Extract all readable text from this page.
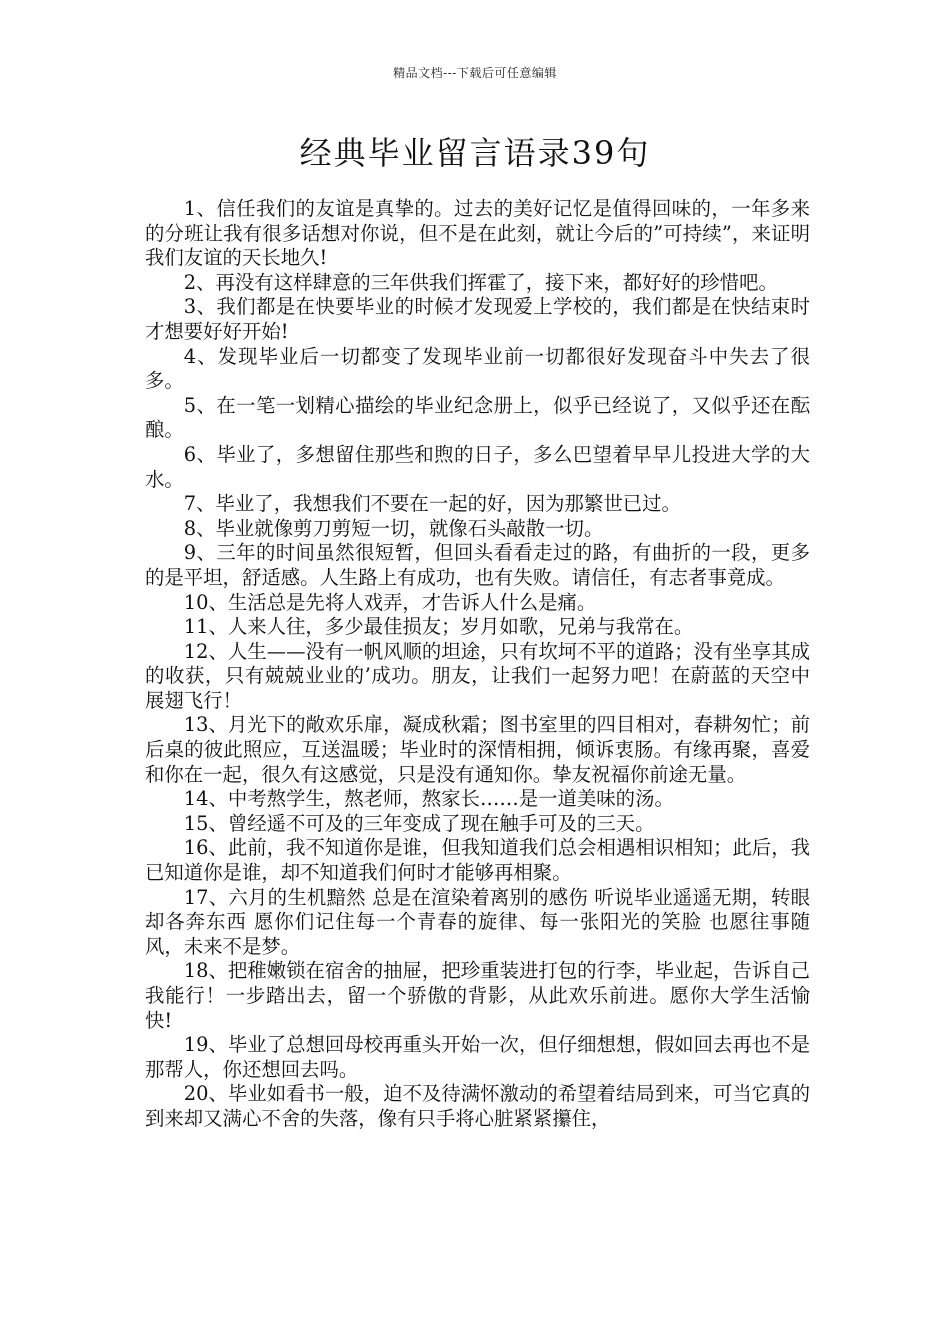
精品文档---下载后可任意编辑
经典毕业留言语录39句

1、信任我们的友谊是真挚的。过去的美好记忆是值得回味的，一年多来的分班让我有很多话想对你说，但不是在此刻，就让今后的”可持续”，来证明我们友谊的天长地久!

2、再没有这样肆意的三年供我们挥霍了，接下来，都好好的珍惜吧。

3、我们都是在快要毕业的时候才发现爱上学校的，我们都是在快结束时才想要好好开始!

4、发现毕业后一切都变了发现毕业前一切都很好发现奋斗中失去了很多。

5、在一笔一划精心描绘的毕业纪念册上，似乎已经说了，又似乎还在酝酿。

6、毕业了，多想留住那些和煦的日子，多么巴望着早早儿投进大学的大水。

7、毕业了，我想我们不要在一起的好，因为那繁世已过。

8、毕业就像剪刀剪短一切，就像石头敲散一切。

9、三年的时间虽然很短暂，但回头看看走过的路，有曲折的一段，更多的是平坦，舒适感。人生路上有成功，也有失败。请信任，有志者事竟成。

10、生活总是先将人戏弄，才告诉人什么是痛。

11、人来人往，多少最佳损友；岁月如歌，兄弟与我常在。

12、人生——没有一帆风顺的坦途，只有坎坷不平的道路；没有坐享其成的收获，只有兢兢业业的’成功。朋友，让我们一起努力吧！在蔚蓝的天空中展翅飞行！

13、月光下的敞欢乐扉，凝成秋霜；图书室里的四目相对，春耕匆忙；前后桌的彼此照应，互送温暖；毕业时的深情相拥，倾诉衷肠。有缘再聚，喜爱和你在一起，很久有这感觉，只是没有通知你。挚友祝福你前途无量。

14、中考熬学生，熬老师，熬家长……是一道美味的汤。

15、曾经遥不可及的三年变成了现在触手可及的三天。

16、此前，我不知道你是谁，但我知道我们总会相遇相识相知；此后，我已知道你是谁，却不知道我们何时才能够再相聚。

17、六月的生机黯然 总是在渲染着离别的感伤 听说毕业遥遥无期，转眼却各奔东西 愿你们记住每一个青春的旋律、每一张阳光的笑脸 也愿往事随风，未来不是梦。

18、把稚嫩锁在宿舍的抽屉，把珍重装进打包的行李，毕业起，告诉自己我能行！一步踏出去，留一个骄傲的背影，从此欢乐前进。愿你大学生活愉快!

19、毕业了总想回母校再重头开始一次，但仔细想想，假如回去再也不是那帮人，你还想回去吗。

20、毕业如看书一般，迫不及待满怀激动的希望着结局到来，可当它真的到来却又满心不舍的失落，像有只手将心脏紧紧攥住，
